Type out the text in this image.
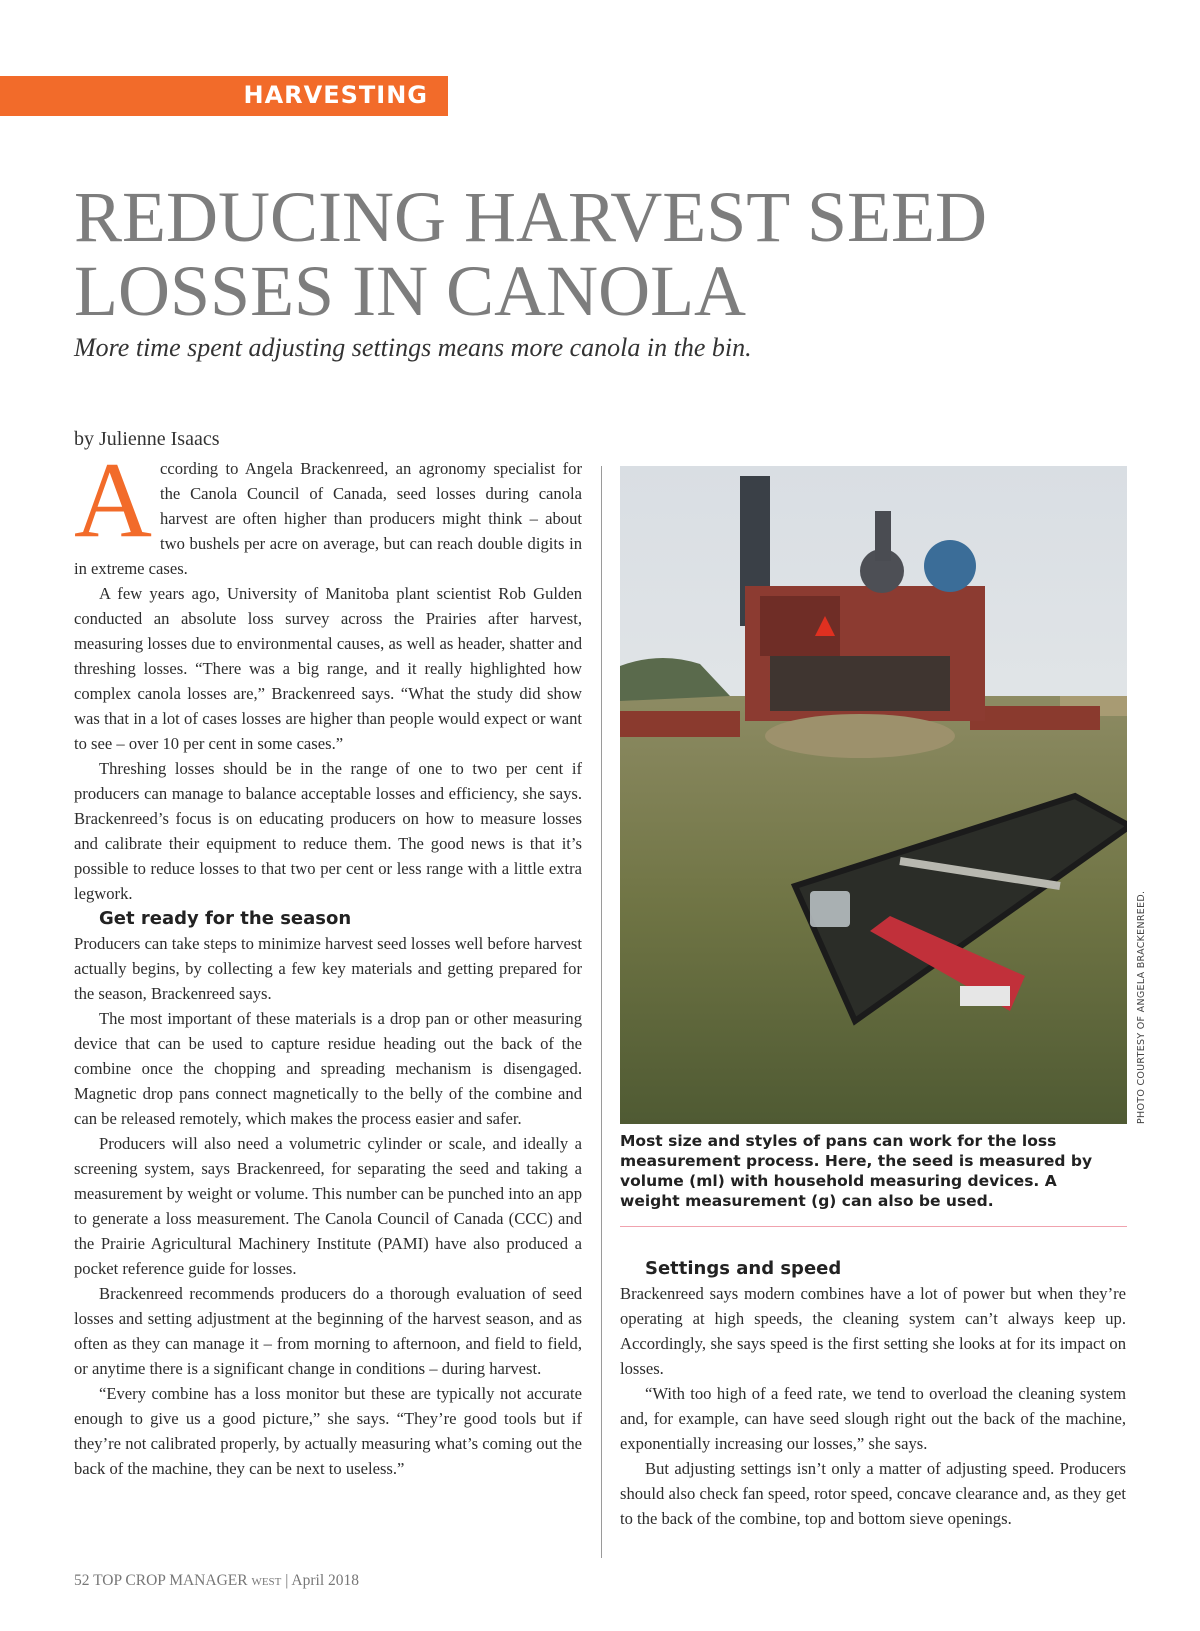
HARVESTING
REDUCING HARVEST SEED
LOSSES IN CANOLA
More time spent adjusting settings means more canola in the bin.
by Julienne Isaacs

According to Angela Brackenreed, an agronomy specialist for the Canola Council of Canada, seed losses during canola harvest are often higher than producers might think – about two bushels per acre on average, but can reach double digits in in extreme cases.

A few years ago, University of Manitoba plant scientist Rob Gulden conducted an absolute loss survey across the Prairies after harvest, measuring losses due to environmental causes, as well as header, shatter and threshing losses. “There was a big range, and it really highlighted how complex canola losses are,” Brackenreed says. “What the study did show was that in a lot of cases losses are higher than people would expect or want to see – over 10 per cent in some cases.”

Threshing losses should be in the range of one to two per cent if producers can manage to balance acceptable losses and efficiency, she says. Brackenreed’s focus is on educating producers on how to measure losses and calibrate their equipment to reduce them. The good news is that it’s possible to reduce losses to that two per cent or less range with a little extra legwork.

Get ready for the season

Producers can take steps to minimize harvest seed losses well before harvest actually begins, by collecting a few key materials and getting prepared for the season, Brackenreed says.

The most important of these materials is a drop pan or other measuring device that can be used to capture residue heading out the back of the combine once the chopping and spreading mechanism is disengaged. Magnetic drop pans connect magnetically to the belly of the combine and can be released remotely, which makes the process easier and safer.

Producers will also need a volumetric cylinder or scale, and ideally a screening system, says Brackenreed, for separating the seed and taking a measurement by weight or volume. This number can be punched into an app to generate a loss measurement. The Canola Council of Canada (CCC) and the Prairie Agricultural Machinery Institute (PAMI) have also produced a pocket reference guide for losses.

Brackenreed recommends producers do a thorough evaluation of seed losses and setting adjustment at the beginning of the harvest season, and as often as they can manage it – from morning to afternoon, and field to field, or anytime there is a significant change in conditions – during harvest.

“Every combine has a loss monitor but these are typically not accurate enough to give us a good picture,” she says. “They’re good tools but if they’re not calibrated properly, by actually measuring what’s coming out the back of the machine, they can be next to useless.”

PHOTO COURTESY OF ANGELA BRACKENREED.
Most size and styles of pans can work for the loss measurement process. Here, the seed is measured by volume (ml) with household measuring devices. A weight measurement (g) can also be used.

Settings and speed

Brackenreed says modern combines have a lot of power but when they’re operating at high speeds, the cleaning system can’t always keep up. Accordingly, she says speed is the first setting she looks at for its impact on losses.

“With too high of a feed rate, we tend to overload the cleaning system and, for example, can have seed slough right out the back of the machine, exponentially increasing our losses,” she says.

But adjusting settings isn’t only a matter of adjusting speed. Producers should also check fan speed, rotor speed, concave clearance and, as they get to the back of the combine, top and bottom sieve openings.

52 TOP CROP MANAGER WEST | April 2018
